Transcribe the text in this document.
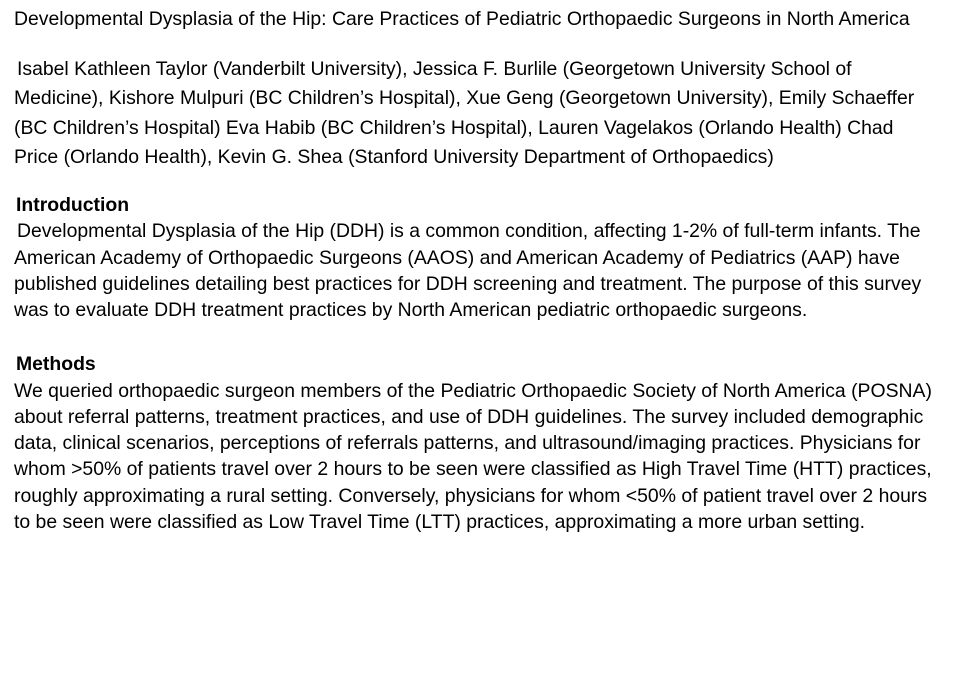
Developmental Dysplasia of the Hip: Care Practices of Pediatric Orthopaedic Surgeons in North America

Isabel Kathleen Taylor (Vanderbilt University), Jessica F. Burlile (Georgetown University School of Medicine), Kishore Mulpuri (BC Children’s Hospital), Xue Geng (Georgetown University), Emily Schaeffer (BC Children’s Hospital) Eva Habib (BC Children’s Hospital), Lauren Vagelakos (Orlando Health) Chad Price (Orlando Health), Kevin G. Shea (Stanford University Department of Orthopaedics)

Introduction

Developmental Dysplasia of the Hip (DDH) is a common condition, affecting 1-2% of full-term infants. The American Academy of Orthopaedic Surgeons (AAOS) and American Academy of Pediatrics (AAP) have published guidelines detailing best practices for DDH screening and treatment. The purpose of this survey was to evaluate DDH treatment practices by North American pediatric orthopaedic surgeons.

Methods

We queried orthopaedic surgeon members of the Pediatric Orthopaedic Society of North America (POSNA) about referral patterns, treatment practices, and use of DDH guidelines. The survey included demographic data, clinical scenarios, perceptions of referrals patterns, and ultrasound/imaging practices. Physicians for whom >50% of patients travel over 2 hours to be seen were classified as High Travel Time (HTT) practices, roughly approximating a rural setting. Conversely, physicians for whom <50% of patient travel over 2 hours to be seen were classified as Low Travel Time (LTT) practices, approximating a more urban setting.
